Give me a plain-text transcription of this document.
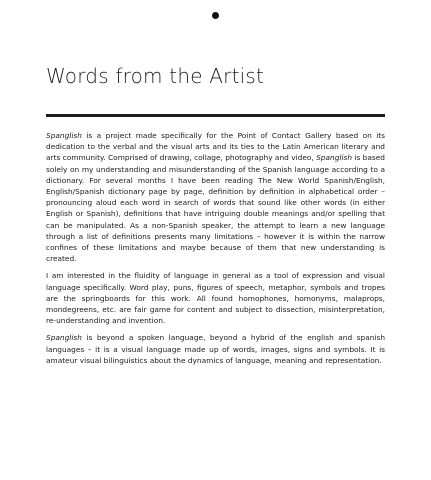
Words from the Artist

Spanglish is a project made specifically for the Point of Contact Gallery based on its dedication to the verbal and the visual arts and its ties to the Latin American literary and arts community. Comprised of drawing, collage, photography and video, Spanglish is based solely on my understanding and misunderstanding of the Spanish language according to a dictionary. For several months I have been reading The New World Spanish/English, English/Spanish dictionary page by page, definition by definition in alphabetical order – pronouncing aloud each word in search of words that sound like other words (in either English or Spanish), definitions that have intriguing double meanings and/or spelling that can be manipulated. As a non-Spanish speaker, the attempt to learn a new language through a list of definitions presents many limitations – however it is within the narrow confines of these limitations and maybe because of them that new understanding is created.

I am interested in the fluidity of language in general as a tool of expression and visual language specifically. Word play, puns, figures of speech, metaphor, symbols and tropes are the springboards for this work. All found homophones, homonyms, malaprops, mondegreens, etc. are fair game for content and subject to dissection, misinterpretation, re-understanding and invention.

Spanglish is beyond a spoken language, beyond a hybrid of the english and spanish languages – it is a visual language made up of words, images, signs and symbols. It is amateur visual bilinguistics about the dynamics of language, meaning and representation.
